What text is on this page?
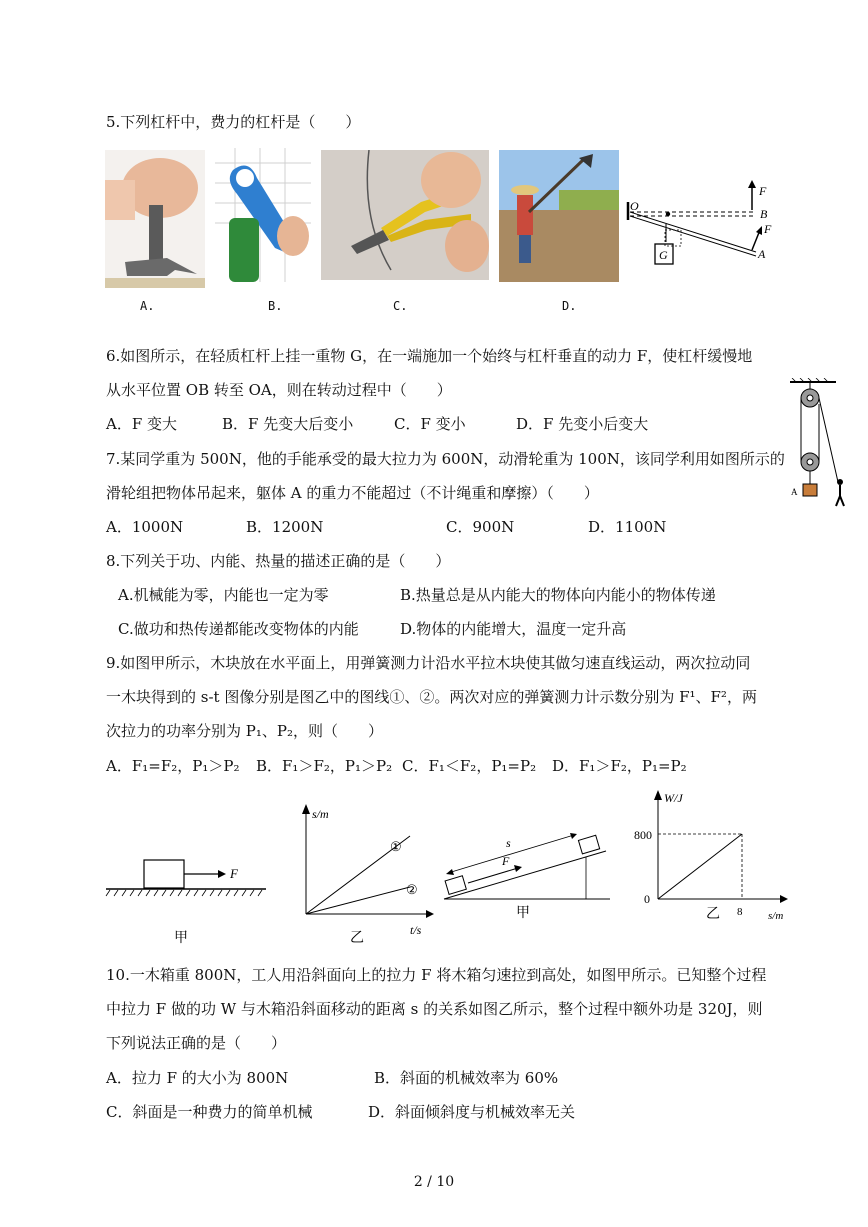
5.下列杠杆中，费力的杠杆是（　　）
A.	B.	C.	D.
O
B
A
F
F
G
6.如图所示，在轻质杠杆上挂一重物 G，在一端施加一个始终与杠杆垂直的动力 F，使杠杆缓慢地
从水平位置 OB 转至 OA，则在转动过程中（　　）
A．F 变大	B．F 先变大后变小	C．F 变小	D．F 先变小后变大
A
7.某同学重为 500N，他的手能承受的最大拉力为 600N，动滑轮重为 100N，该同学利用如图所示的
滑轮组把物体吊起来，躯体 A 的重力不能超过（不计绳重和摩擦）（　　）
A．1000N	B．1200N	C．900N	D．1100N
8.下列关于功、内能、热量的描述正确的是（　　）
A.机械能为零，内能也一定为零	B.热量总是从内能大的物体向内能小的物体传递
C.做功和热传递都能改变物体的内能	D.物体的内能增大，温度一定升高
9.如图甲所示，木块放在水平面上，用弹簧测力计沿水平拉木块使其做匀速直线运动，两次拉动同
一木块得到的 s-t 图像分别是图乙中的图线①、②。两次对应的弹簧测力计示数分别为 F¹、F²，两
次拉力的功率分别为 P₁、P₂，则（　　）
A．F₁=F₂，P₁＞P₂ B．F₁＞F₂，P₁＞P₂ C．F₁＜F₂，P₁=P₂ D．F₁＞F₂，P₁=P₂
F
甲
s/m
t/s
①
②
乙
s
F
甲
W/J
800
0
8 s/m
乙
10.一木箱重 800N，工人用沿斜面向上的拉力 F 将木箱匀速拉到高处，如图甲所示。已知整个过程
中拉力 F 做的功 W 与木箱沿斜面移动的距离 s 的关系如图乙所示，整个过程中额外功是 320J，则
下列说法正确的是（　　）
A．拉力 F 的大小为 800N	B．斜面的机械效率为 60%
C．斜面是一种费力的简单机械	D．斜面倾斜度与机械效率无关
2 / 10
